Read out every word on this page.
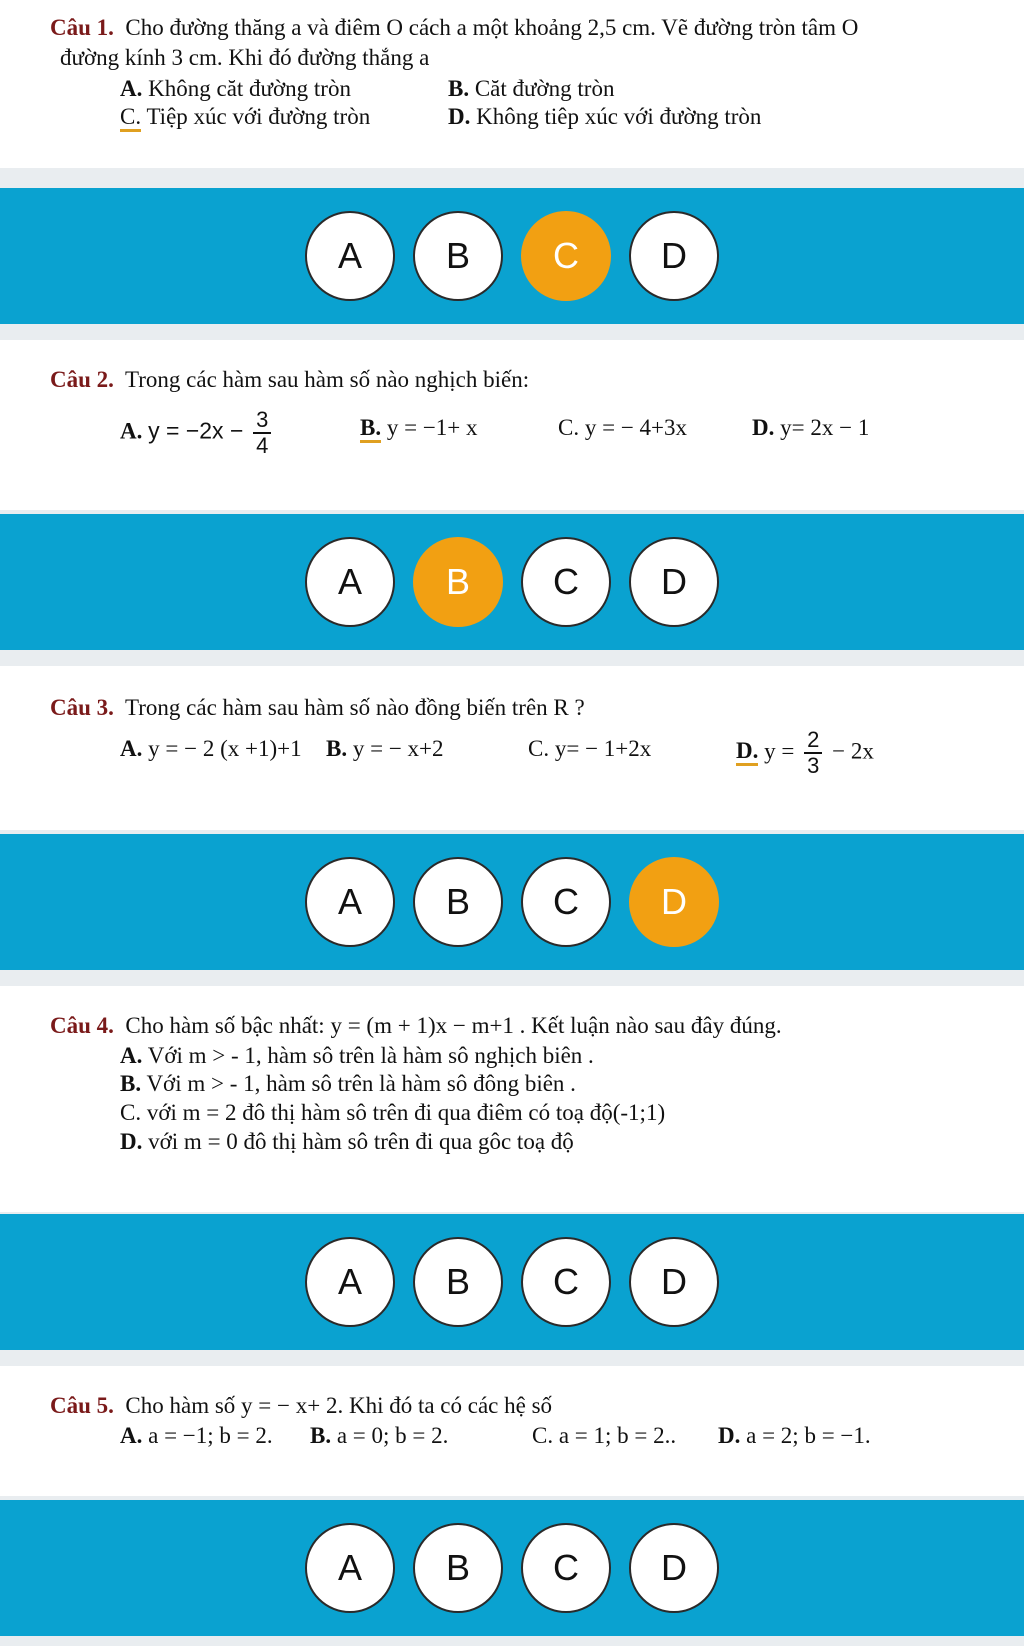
Câu 1. Cho đường thăng a và điêm O cách a một khoảng 2,5 cm. Vẽ đường tròn tâm O
đường kính 3 cm. Khi đó đường thắng a
A. Không căt đường tròn	B. Căt đường tròn
C. Tiệp xúc với đường tròn	D. Không tiêp xúc với đường tròn
A	B	C	D
Câu 2. Trong các hàm sau hàm số nào nghịch biến:
A. $y = -2x - \frac{3}{4}$	B. y = −1+ x	C. y = − 4+3x	D. y= 2x − 1
A	B	C	D
Câu 3. Trong các hàm sau hàm số nào đồng biến trên R ?
A. y = − 2 (x +1)+1 B. y = − x+2	C. y= − 1+2x	D. $y = \frac{2}{3} - 2x$
A	B	C	D
Câu 4. Cho hàm số bậc nhất: y = (m + 1)x − m+1 . Kết luận nào sau đây đúng.
A. Với m > - 1, hàm sô trên là hàm sô nghịch biên .
B. Với m > - 1, hàm sô trên là hàm sô đông biên .
C. với m = 2 đô thị hàm sô trên đi qua điêm có toạ độ(-1;1)
D. với m = 0 đô thị hàm sô trên đi qua gôc toạ độ
A	B	C	D
Câu 5. Cho hàm số y = − x+ 2. Khi đó ta có các hệ số
A. a = −1; b = 2. B. a = 0; b = 2.	C. a = 1; b = 2.. D. a = 2; b = −1.
A	B	C	D
